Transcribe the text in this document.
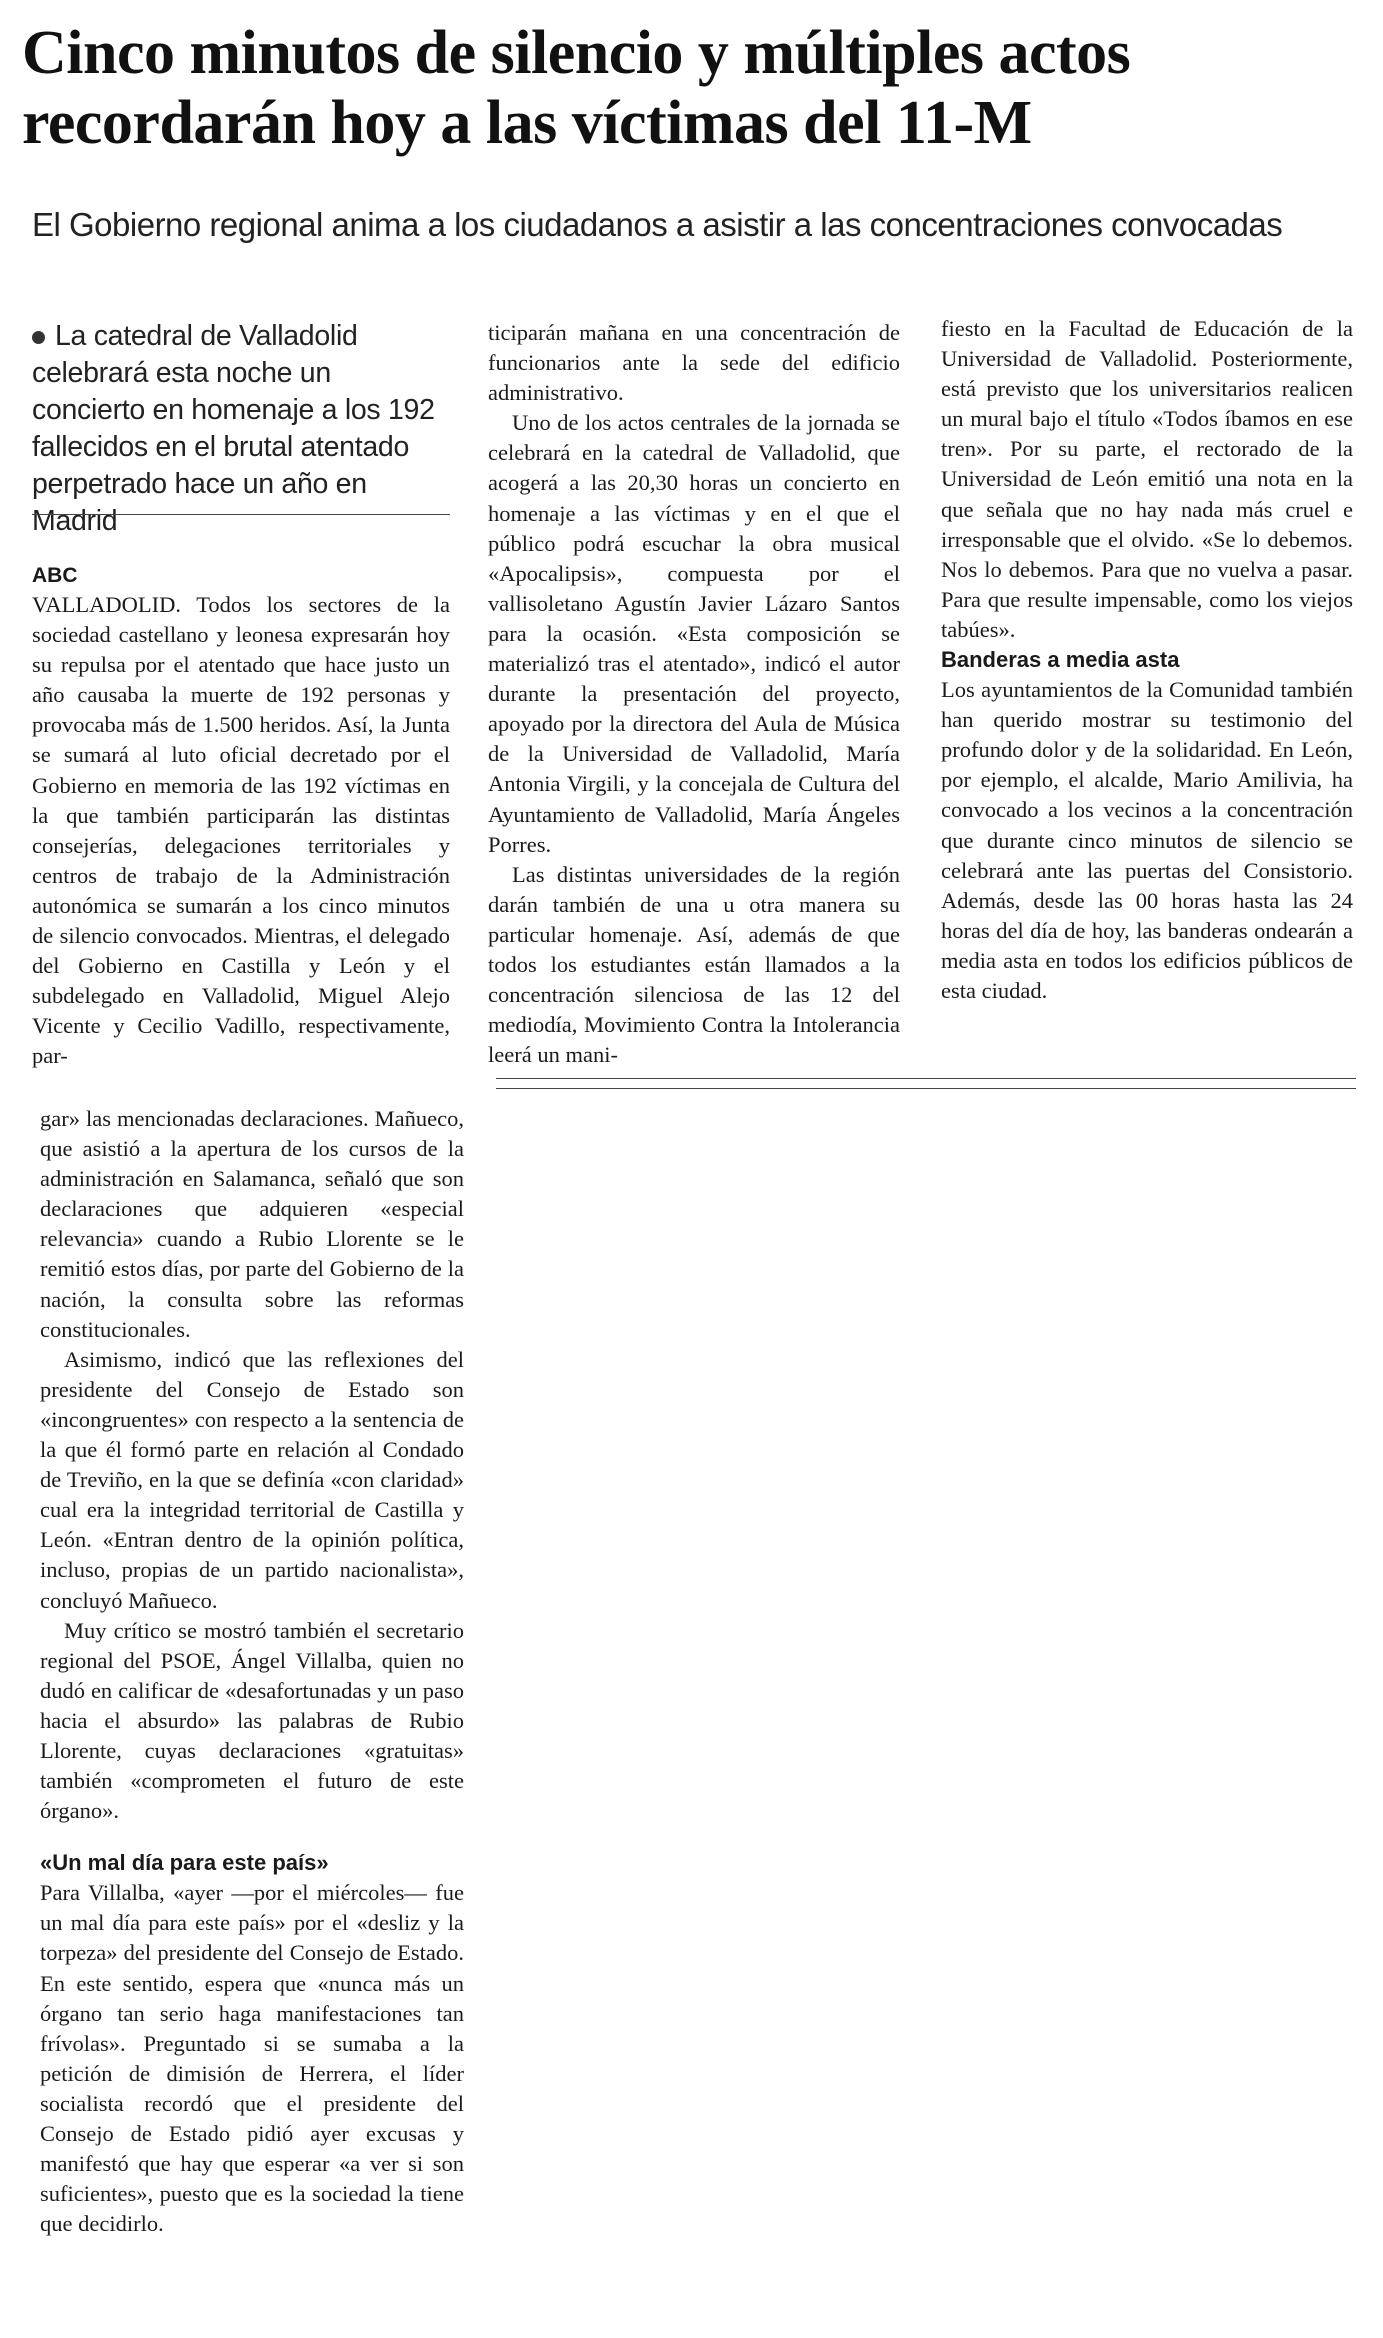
Cinco minutos de silencio y múltiples actos recordarán hoy a las víctimas del 11-M
El Gobierno regional anima a los ciudadanos a asistir a las concentraciones convocadas

La catedral de Valladolid celebrará esta noche un concierto en homenaje a los 192 fallecidos en el brutal atentado perpetrado hace un año en Madrid

ABC

VALLADOLID. Todos los sectores de la sociedad castellano y leonesa expresarán hoy su repulsa por el atentado que hace justo un año causaba la muerte de 192 personas y provocaba más de 1.500 heridos. Así, la Junta se sumará al luto oficial decretado por el Gobierno en memoria de las 192 víctimas en la que también participarán las distintas consejerías, delegaciones territoriales y centros de trabajo de la Administración autonómica se sumarán a los cinco minutos de silencio convocados. Mientras, el delegado del Gobierno en Castilla y León y el subdelegado en Valladolid, Miguel Alejo Vicente y Cecilio Vadillo, respectivamente, par-

ticiparán mañana en una concentración de funcionarios ante la sede del edificio administrativo.

Uno de los actos centrales de la jornada se celebrará en la catedral de Valladolid, que acogerá a las 20,30 horas un concierto en homenaje a las víctimas y en el que el público podrá escuchar la obra musical «Apocalipsis», compuesta por el vallisoletano Agustín Javier Lázaro Santos para la ocasión. «Esta composición se materializó tras el atentado», indicó el autor durante la presentación del proyecto, apoyado por la directora del Aula de Música de la Universidad de Valladolid, María Antonia Virgili, y la concejala de Cultura del Ayuntamiento de Valladolid, María Ángeles Porres.

Las distintas universidades de la región darán también de una u otra manera su particular homenaje. Así, además de que todos los estudiantes están llamados a la concentración silenciosa de las 12 del mediodía, Movimiento Contra la Intolerancia leerá un mani-

fiesto en la Facultad de Educación de la Universidad de Valladolid. Posteriormente, está previsto que los universitarios realicen un mural bajo el título «Todos íbamos en ese tren». Por su parte, el rectorado de la Universidad de León emitió una nota en la que señala que no hay nada más cruel e irresponsable que el olvido. «Se lo debemos. Nos lo debemos. Para que no vuelva a pasar. Para que resulte impensable, como los viejos tabúes».

Banderas a media asta

Los ayuntamientos de la Comunidad también han querido mostrar su testimonio del profundo dolor y de la solidaridad. En León, por ejemplo, el alcalde, Mario Amilivia, ha convocado a los vecinos a la concentración que durante cinco minutos de silencio se celebrará ante las puertas del Consistorio. Además, desde las 00 horas hasta las 24 horas del día de hoy, las banderas ondearán a media asta en todos los edificios públicos de esta ciudad.

gar» las mencionadas declaraciones. Mañueco, que asistió a la apertura de los cursos de la administración en Salamanca, señaló que son declaraciones que adquieren «especial relevancia» cuando a Rubio Llorente se le remitió estos días, por parte del Gobierno de la nación, la consulta sobre las reformas constitucionales.

Asimismo, indicó que las reflexiones del presidente del Consejo de Estado son «incongruentes» con respecto a la sentencia de la que él formó parte en relación al Condado de Treviño, en la que se definía «con claridad» cual era la integridad territorial de Castilla y León. «Entran dentro de la opinión política, incluso, propias de un partido nacionalista», concluyó Mañueco.

Muy crítico se mostró también el secretario regional del PSOE, Ángel Villalba, quien no dudó en calificar de «desafortunadas y un paso hacia el absurdo» las palabras de Rubio Llorente, cuyas declaraciones «gratuitas» también «comprometen el futuro de este órgano».

«Un mal día para este país»

Para Villalba, «ayer —por el miércoles— fue un mal día para este país» por el «desliz y la torpeza» del presidente del Consejo de Estado. En este sentido, espera que «nunca más un órgano tan serio haga manifestaciones tan frívolas». Preguntado si se sumaba a la petición de dimisión de Herrera, el líder socialista recordó que el presidente del Consejo de Estado pidió ayer excusas y manifestó que hay que esperar «a ver si son suficientes», puesto que es la sociedad la tiene que decidirlo.
